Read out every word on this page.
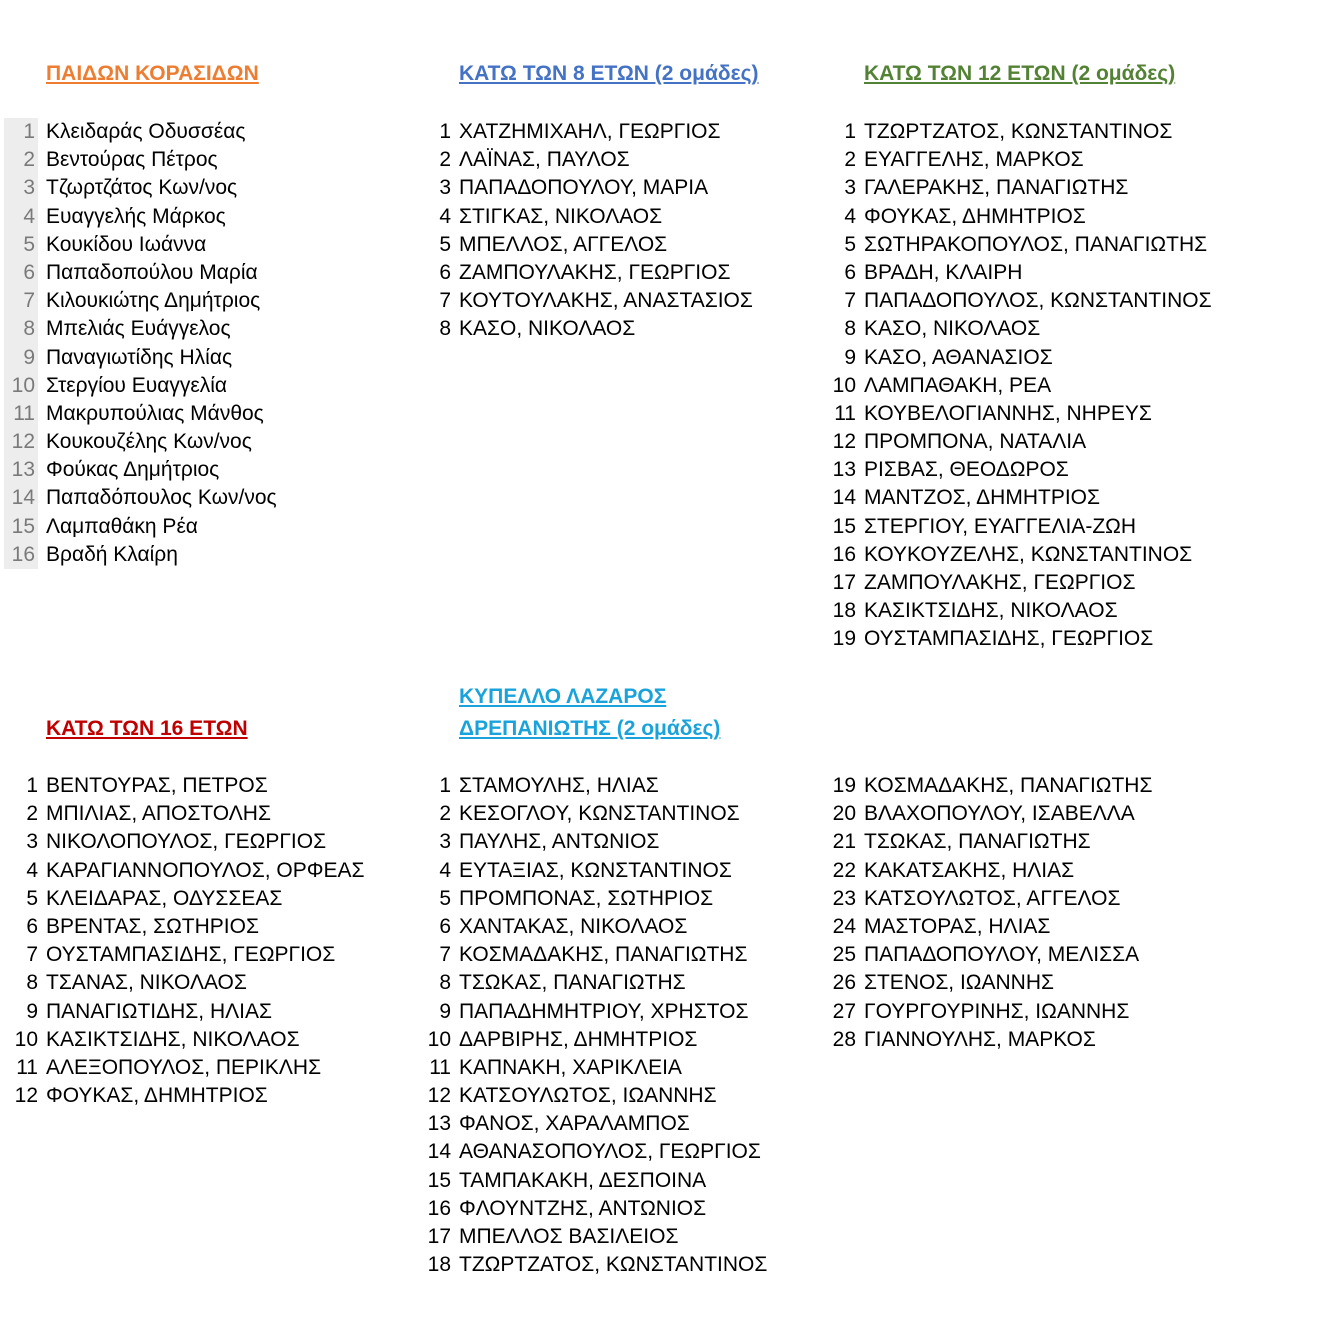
ΠΑΙΔΩΝ ΚΟΡΑΣΙΔΩΝ
1 Κλειδαράς Οδυσσέας
2 Βεντούρας Πέτρος
3 Τζωρτζάτος Κων/νος
4 Ευαγγελής Μάρκος
5 Κουκίδου Ιωάννα
6 Παπαδοπούλου Μαρία
7 Κιλουκιώτης Δημήτριος
8 Μπελιάς Ευάγγελος
9 Παναγιωτίδης Ηλίας
10 Στεργίου Ευαγγελία
11 Μακρυπούλιας Μάνθος
12 Κουκουζέλης Κων/νος
13 Φούκας Δημήτριος
14 Παπαδόπουλος Κων/νος
15 Λαμπαθάκη Ρέα
16 Βραδή Κλαίρη
ΚΑΤΩ ΤΩΝ 8 ΕΤΩΝ (2 ομάδες)
1 ΧΑΤΖΗΜΙΧΑΗΛ, ΓΕΩΡΓΙΟΣ
2 ΛΑΪΝΑΣ, ΠΑΥΛΟΣ
3 ΠΑΠΑΔΟΠΟΥΛΟΥ, ΜΑΡΙΑ
4 ΣΤΙΓΚΑΣ, ΝΙΚΟΛΑΟΣ
5 ΜΠΕΛΛΟΣ, ΑΓΓΕΛΟΣ
6 ΖΑΜΠΟΥΛΑΚΗΣ, ΓΕΩΡΓΙΟΣ
7 ΚΟΥΤΟΥΛΑΚΗΣ, ΑΝΑΣΤΑΣΙΟΣ
8 ΚΑΣΟ, ΝΙΚΟΛΑΟΣ
ΚΑΤΩ ΤΩΝ 12 ΕΤΩΝ (2 ομάδες)
1 ΤΖΩΡΤΖΑΤΟΣ, ΚΩΝΣΤΑΝΤΙΝΟΣ
2 ΕΥΑΓΓΕΛΗΣ, ΜΑΡΚΟΣ
3 ΓΑΛΕΡΑΚΗΣ, ΠΑΝΑΓΙΩΤΗΣ
4 ΦΟΥΚΑΣ, ΔΗΜΗΤΡΙΟΣ
5 ΣΩΤΗΡΑΚΟΠΟΥΛΟΣ, ΠΑΝΑΓΙΩΤΗΣ
6 ΒΡΑΔΗ, ΚΛΑΙΡΗ
7 ΠΑΠΑΔΟΠΟΥΛΟΣ, ΚΩΝΣΤΑΝΤΙΝΟΣ
8 ΚΑΣΟ, ΝΙΚΟΛΑΟΣ
9 ΚΑΣΟ, ΑΘΑΝΑΣΙΟΣ
10 ΛΑΜΠΑΘΑΚΗ, ΡΕΑ
11 ΚΟΥΒΕΛΟΓΙΑΝΝΗΣ, ΝΗΡΕΥΣ
12 ΠΡΟΜΠΟΝΑ, ΝΑΤΑΛΙΑ
13 ΡΙΣΒΑΣ, ΘΕΟΔΩΡΟΣ
14 ΜΑΝΤΖΟΣ, ΔΗΜΗΤΡΙΟΣ
15 ΣΤΕΡΓΙΟΥ, ΕΥΑΓΓΕΛΙΑ-ΖΩΗ
16 ΚΟΥΚΟΥΖΕΛΗΣ, ΚΩΝΣΤΑΝΤΙΝΟΣ
17 ΖΑΜΠΟΥΛΑΚΗΣ, ΓΕΩΡΓΙΟΣ
18 ΚΑΣΙΚΤΣΙΔΗΣ, ΝΙΚΟΛΑΟΣ
19 ΟΥΣΤΑΜΠΑΣΙΔΗΣ, ΓΕΩΡΓΙΟΣ
ΚΑΤΩ ΤΩΝ 16 ΕΤΩΝ
1 ΒΕΝΤΟΥΡΑΣ, ΠΕΤΡΟΣ
2 ΜΠΙΛΙΑΣ, ΑΠΟΣΤΟΛΗΣ
3 ΝΙΚΟΛΟΠΟΥΛΟΣ, ΓΕΩΡΓΙΟΣ
4 ΚΑΡΑΓΙΑΝΝΟΠΟΥΛΟΣ, ΟΡΦΕΑΣ
5 ΚΛΕΙΔΑΡΑΣ, ΟΔΥΣΣΕΑΣ
6 ΒΡΕΝΤΑΣ, ΣΩΤΗΡΙΟΣ
7 ΟΥΣΤΑΜΠΑΣΙΔΗΣ, ΓΕΩΡΓΙΟΣ
8 ΤΣΑΝΑΣ, ΝΙΚΟΛΑΟΣ
9 ΠΑΝΑΓΙΩΤΙΔΗΣ, ΗΛΙΑΣ
10 ΚΑΣΙΚΤΣΙΔΗΣ, ΝΙΚΟΛΑΟΣ
11 ΑΛΕΞΟΠΟΥΛΟΣ, ΠΕΡΙΚΛΗΣ
12 ΦΟΥΚΑΣ, ΔΗΜΗΤΡΙΟΣ
ΚΥΠΕΛΛΟ ΛΑΖΑΡΟΣ
ΔΡΕΠΑΝΙΩΤΗΣ (2 ομάδες)
1 ΣΤΑΜΟΥΛΗΣ, ΗΛΙΑΣ
2 ΚΕΣΟΓΛΟΥ, ΚΩΝΣΤΑΝΤΙΝΟΣ
3 ΠΑΥΛΗΣ, ΑΝΤΩΝΙΟΣ
4 ΕΥΤΑΞΙΑΣ, ΚΩΝΣΤΑΝΤΙΝΟΣ
5 ΠΡΟΜΠΟΝΑΣ, ΣΩΤΗΡΙΟΣ
6 ΧΑΝΤΑΚΑΣ, ΝΙΚΟΛΑΟΣ
7 ΚΟΣΜΑΔΑΚΗΣ, ΠΑΝΑΓΙΩΤΗΣ
8 ΤΣΩΚΑΣ, ΠΑΝΑΓΙΩΤΗΣ
9 ΠΑΠΑΔΗΜΗΤΡΙΟΥ, ΧΡΗΣΤΟΣ
10 ΔΑΡΒΙΡΗΣ, ΔΗΜΗΤΡΙΟΣ
11 ΚΑΠΝΑΚΗ, ΧΑΡΙΚΛΕΙΑ
12 ΚΑΤΣΟΥΛΩΤΟΣ, ΙΩΑΝΝΗΣ
13 ΦΑΝΟΣ, ΧΑΡΑΛΑΜΠΟΣ
14 ΑΘΑΝΑΣΟΠΟΥΛΟΣ, ΓΕΩΡΓΙΟΣ
15 ΤΑΜΠΑΚΑΚΗ, ΔΕΣΠΟΙΝΑ
16 ΦΛΟΥΝΤΖΗΣ, ΑΝΤΩΝΙΟΣ
17 ΜΠΕΛΛΟΣ ΒΑΣΙΛΕΙΟΣ
18 ΤΖΩΡΤΖΑΤΟΣ, ΚΩΝΣΤΑΝΤΙΝΟΣ
19 ΚΟΣΜΑΔΑΚΗΣ, ΠΑΝΑΓΙΩΤΗΣ
20 ΒΛΑΧΟΠΟΥΛΟΥ, ΙΣΑΒΕΛΛΑ
21 ΤΣΩΚΑΣ, ΠΑΝΑΓΙΩΤΗΣ
22 ΚΑΚΑΤΣΑΚΗΣ, ΗΛΙΑΣ
23 ΚΑΤΣΟΥΛΩΤΟΣ, ΑΓΓΕΛΟΣ
24 ΜΑΣΤΟΡΑΣ, ΗΛΙΑΣ
25 ΠΑΠΑΔΟΠΟΥΛΟΥ, ΜΕΛΙΣΣΑ
26 ΣΤΕΝΟΣ, ΙΩΑΝΝΗΣ
27 ΓΟΥΡΓΟΥΡΙΝΗΣ, ΙΩΑΝΝΗΣ
28 ΓΙΑΝΝΟΥΛΗΣ, ΜΑΡΚΟΣ
